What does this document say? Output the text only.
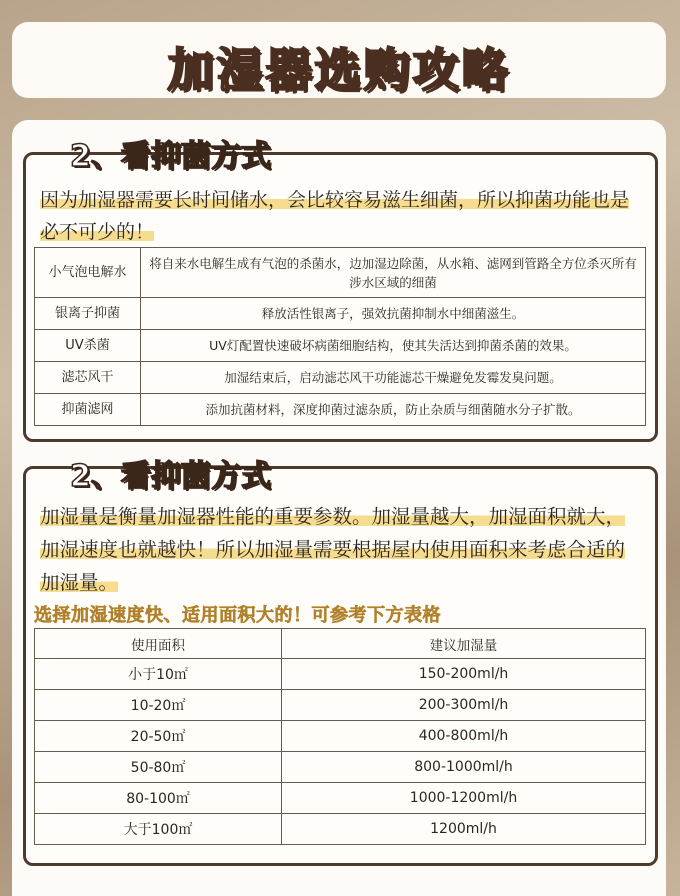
加湿器选购攻略
2、看抑菌方式
因为加湿器需要长时间储水，会比较容易滋生细菌，所以抑菌功能也是必不可少的！
小气泡电解水	将自来水电解生成有气泡的杀菌水，边加湿边除菌，从水箱、滤网到管路全方位杀灭所有涉水区域的细菌
银离子抑菌	释放活性银离子，强效抗菌抑制水中细菌滋生。
UV杀菌	UV灯配置快速破坏病菌细胞结构，使其失活达到抑菌杀菌的效果。
滤芯风干	加湿结束后，启动滤芯风干功能滤芯干燥避免发霉发臭问题。
抑菌滤网	添加抗菌材料，深度抑菌过滤杂质，防止杂质与细菌随水分子扩散。
2、看抑菌方式
加湿量是衡量加湿器性能的重要参数。加湿量越大，加湿面积就大，加湿速度也就越快！所以加湿量需要根据屋内使用面积来考虑合适的加湿量。
选择加湿速度快、适用面积大的！可参考下方表格
使用面积	建议加湿量
小于10㎡	150-200ml/h
10-20㎡	200-300ml/h
20-50㎡	400-800ml/h
50-80㎡	800-1000ml/h
80-100㎡	1000-1200ml/h
大于100㎡	1200ml/h
